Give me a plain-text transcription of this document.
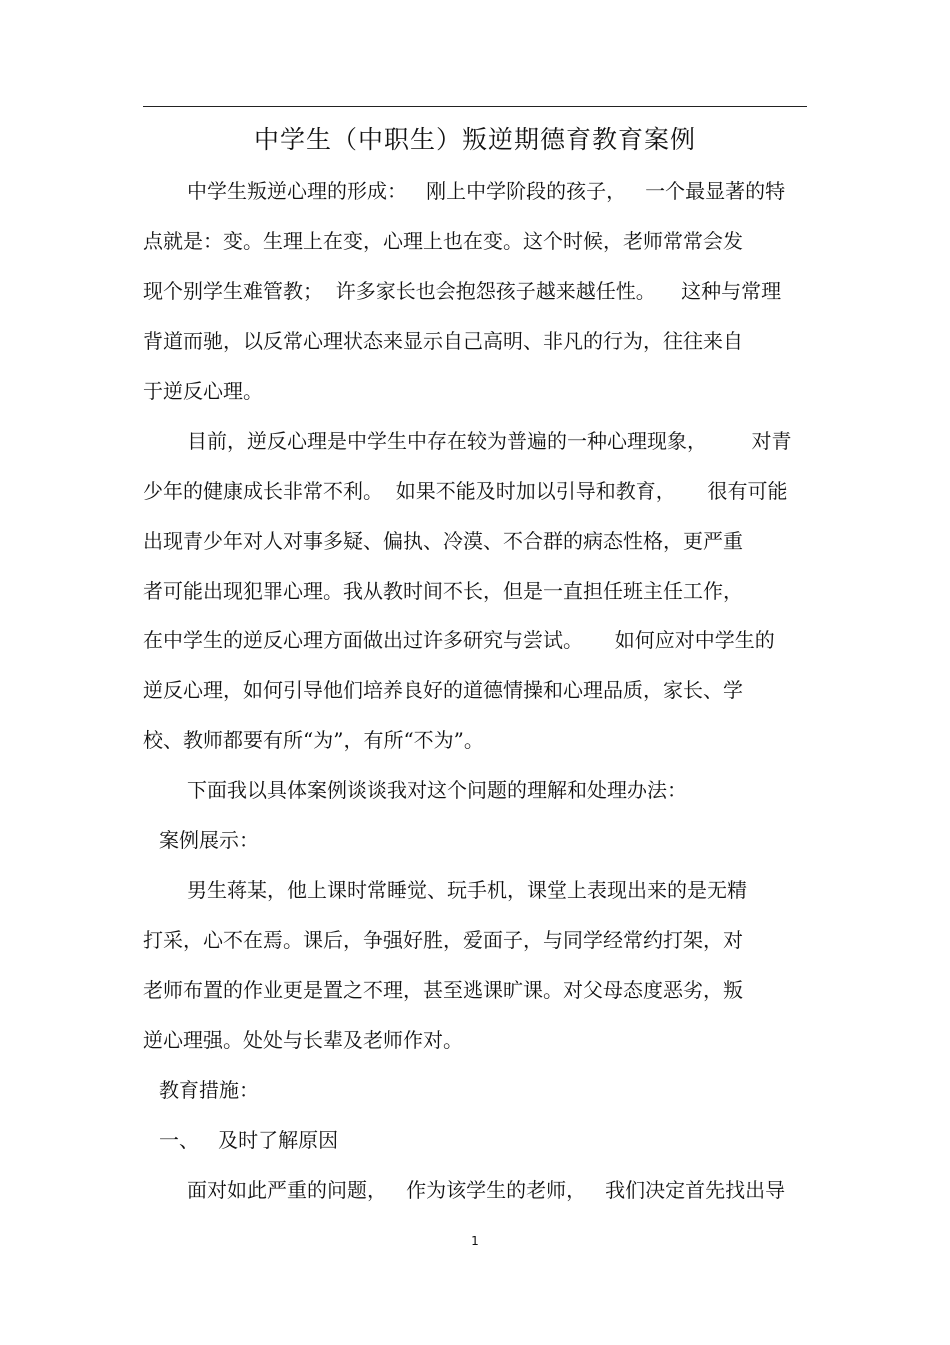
中学生（中职生）叛逆期德育教育案例
中学生叛逆心理的形成：   刚上中学阶段的孩子，   一个最显著的特
点就是：变。生理上在变，心理上也在变。这个时候，老师常常会发
现个别学生难管教；  许多家长也会抱怨孩子越来越任性。    这种与常理
背道而驰，以反常心理状态来显示自己高明、非凡的行为，往往来自
于逆反心理。
目前，逆反心理是中学生中存在较为普遍的一种心理现象，       对青
少年的健康成长非常不利。  如果不能及时加以引导和教育，     很有可能
出现青少年对人对事多疑、偏执、冷漠、不合群的病态性格，更严重
者可能出现犯罪心理。我从教时间不长，但是一直担任班主任工作，
在中学生的逆反心理方面做出过许多研究与尝试。     如何应对中学生的
逆反心理，如何引导他们培养良好的道德情操和心理品质，家长、学
校、教师都要有所“为”，有所“不为”。
下面我以具体案例谈谈我对这个问题的理解和处理办法：
案例展示：
男生蒋某，他上课时常睡觉、玩手机，课堂上表现出来的是无精
打采，心不在焉。课后，争强好胜，爱面子，与同学经常约打架，对
老师布置的作业更是置之不理，甚至逃课旷课。对父母态度恶劣，叛
逆心理强。处处与长辈及老师作对。
教育措施：
一、   及时了解原因
面对如此严重的问题，   作为该学生的老师，   我们决定首先找出导
1
